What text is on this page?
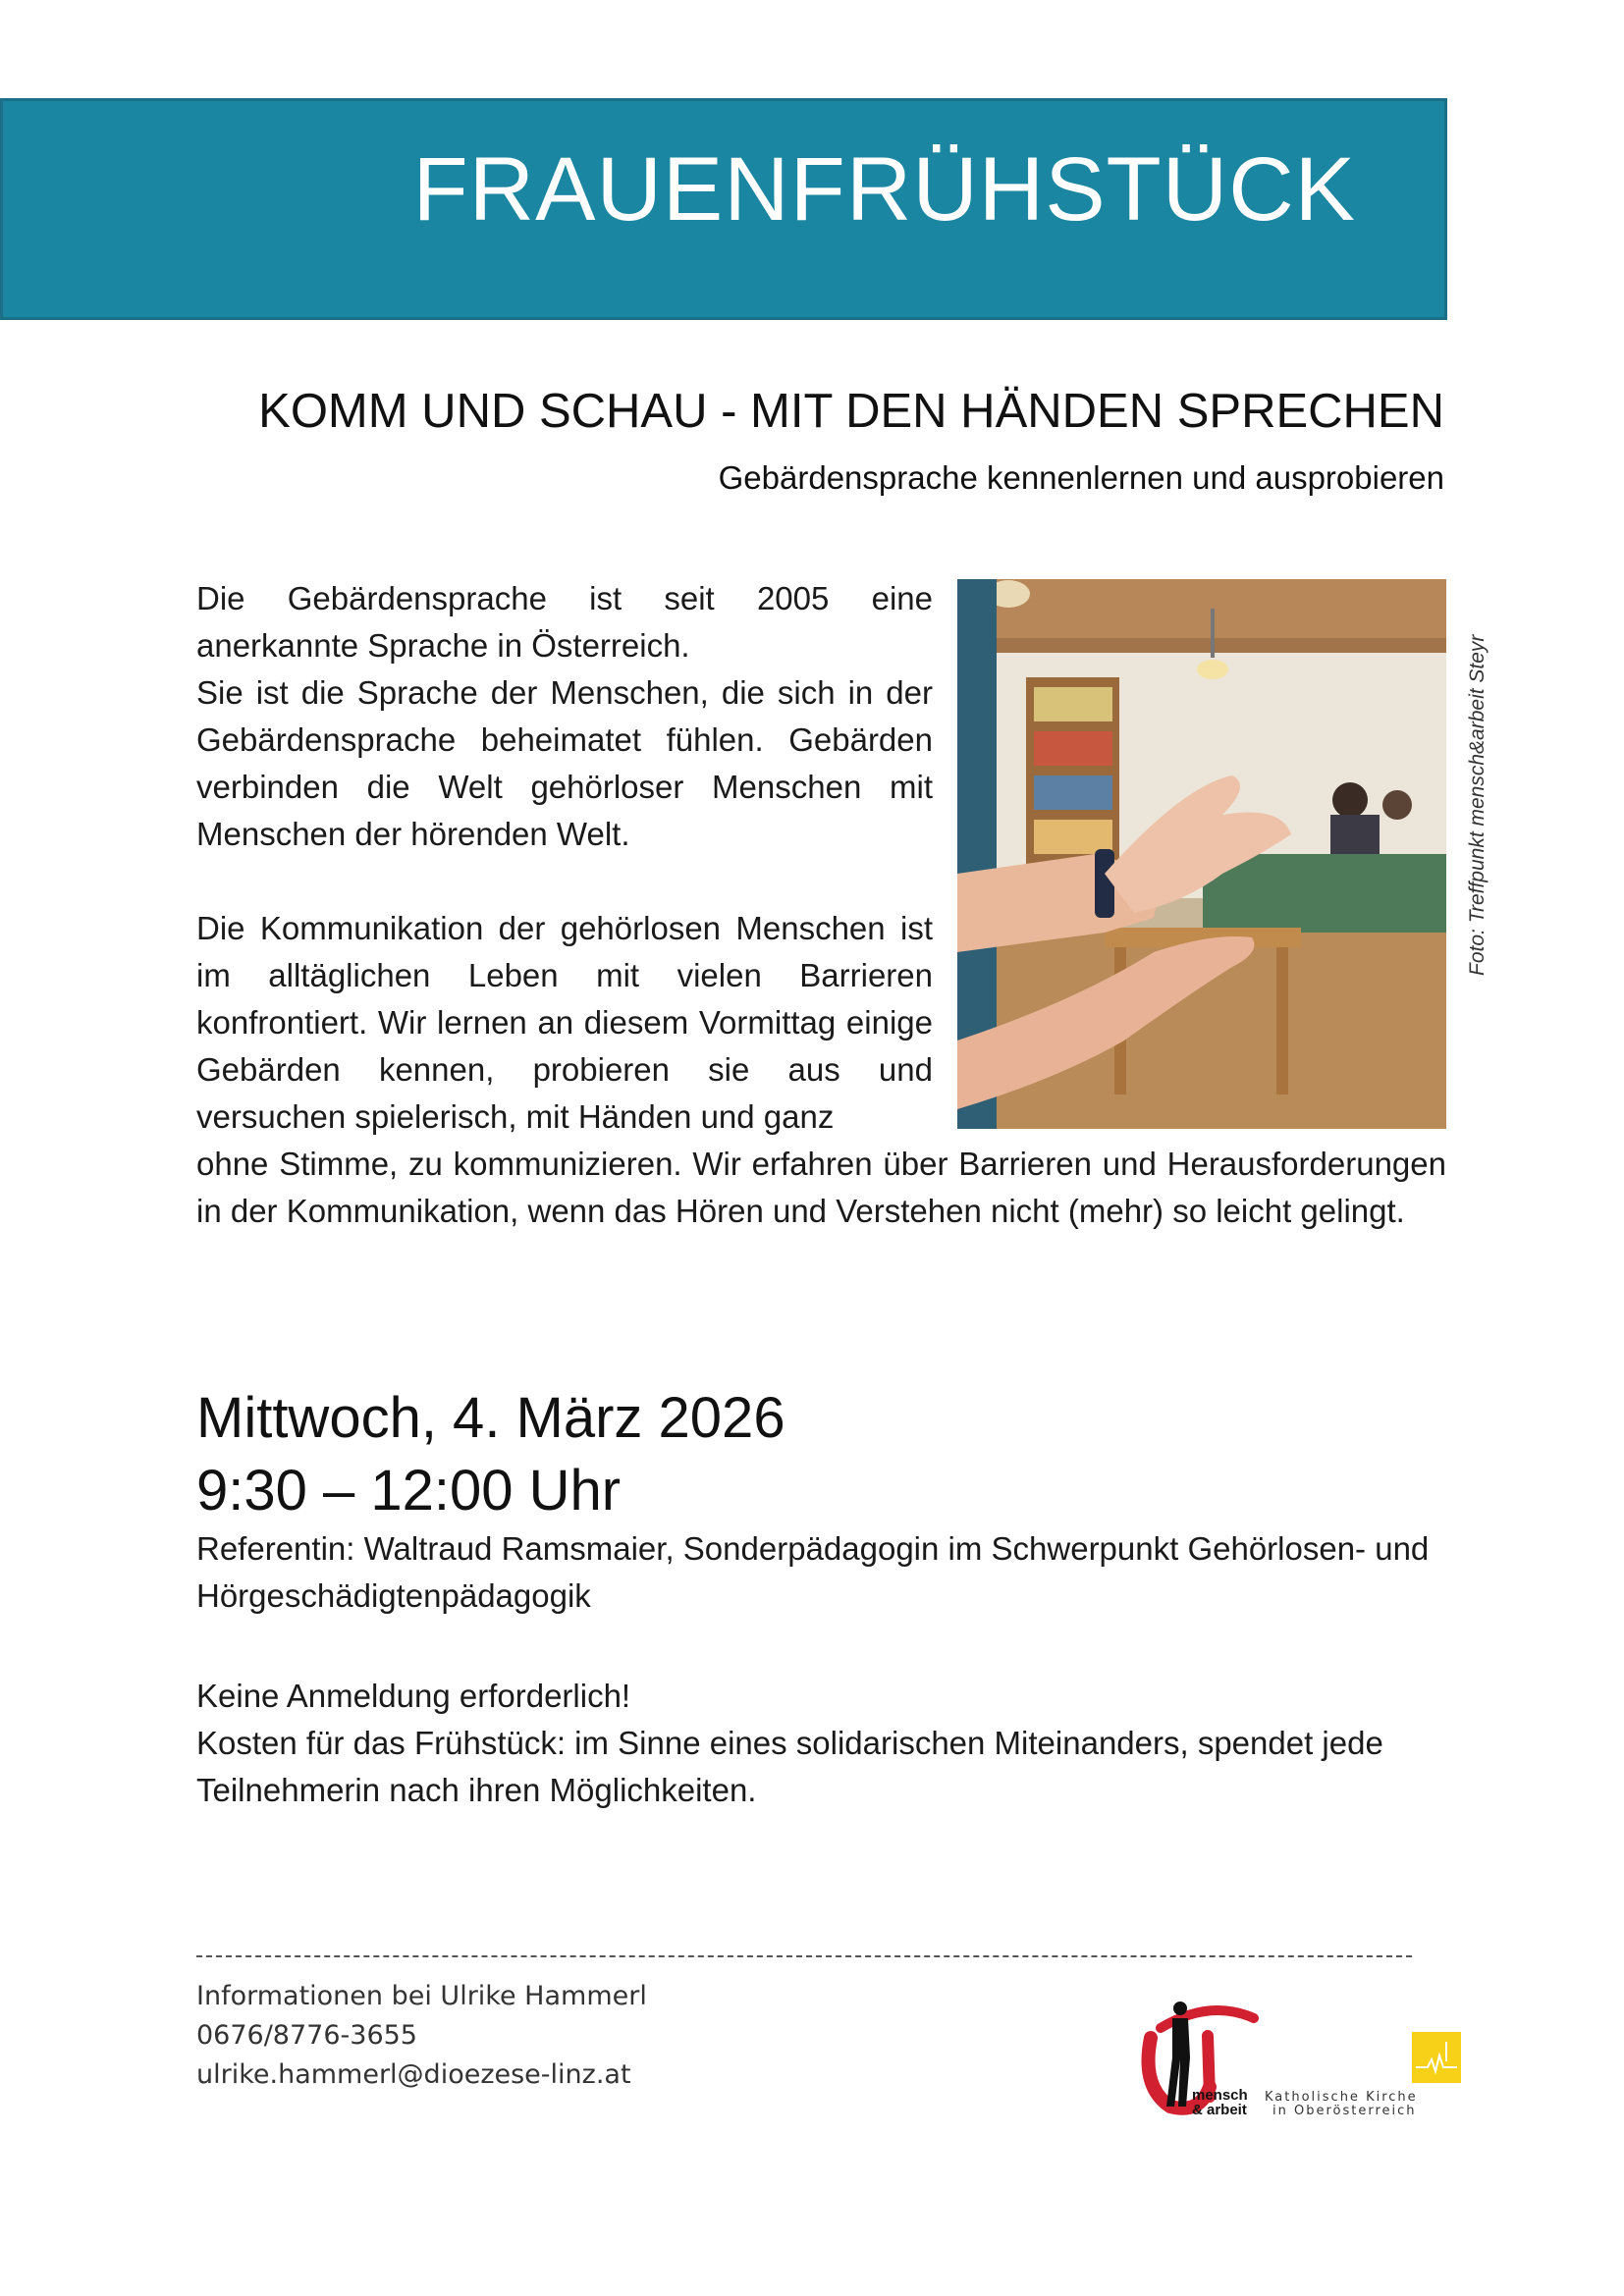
FRAUENFRÜHSTÜCK
KOMM UND SCHAU - MIT DEN HÄNDEN SPRECHEN
Gebärdensprache kennenlernen und ausprobieren

Die Gebärdensprache ist seit 2005 eine anerkannte Sprache in Österreich.
Sie ist die Sprache der Menschen, die sich in der Gebärdensprache beheimatet fühlen. Gebärden verbinden die Welt gehörloser Menschen mit Menschen der hörenden Welt.

Die Kommunikation der gehörlosen Menschen ist im alltäglichen Leben mit vielen Barrieren konfrontiert. Wir lernen an diesem Vormittag einige Gebärden kennen, probieren sie aus und versuchen spielerisch, mit Händen und ganz

Foto: Treffpunkt mensch&arbeit Steyr
ohne Stimme, zu kommunizieren. Wir erfahren über Barrieren und Herausforderungen in der Kommunikation, wenn das Hören und Verstehen nicht (mehr) so leicht gelingt.
Mittwoch, 4. März 2026
9:30 – 12:00 Uhr
Referentin: Waltraud Ramsmaier, Sonderpädagogin im Schwerpunkt Gehörlosen- und Hörgeschädigtenpädagogik
Keine Anmeldung erforderlich!
Kosten für das Frühstück: im Sinne eines solidarischen Miteinanders, spendet jede Teilnehmerin nach ihren Möglichkeiten.
Informationen bei Ulrike Hammerl
0676/8776-3655
ulrike.hammerl@dioezese-linz.at
mensch
& arbeit
Katholische Kirche
in Oberösterreich
